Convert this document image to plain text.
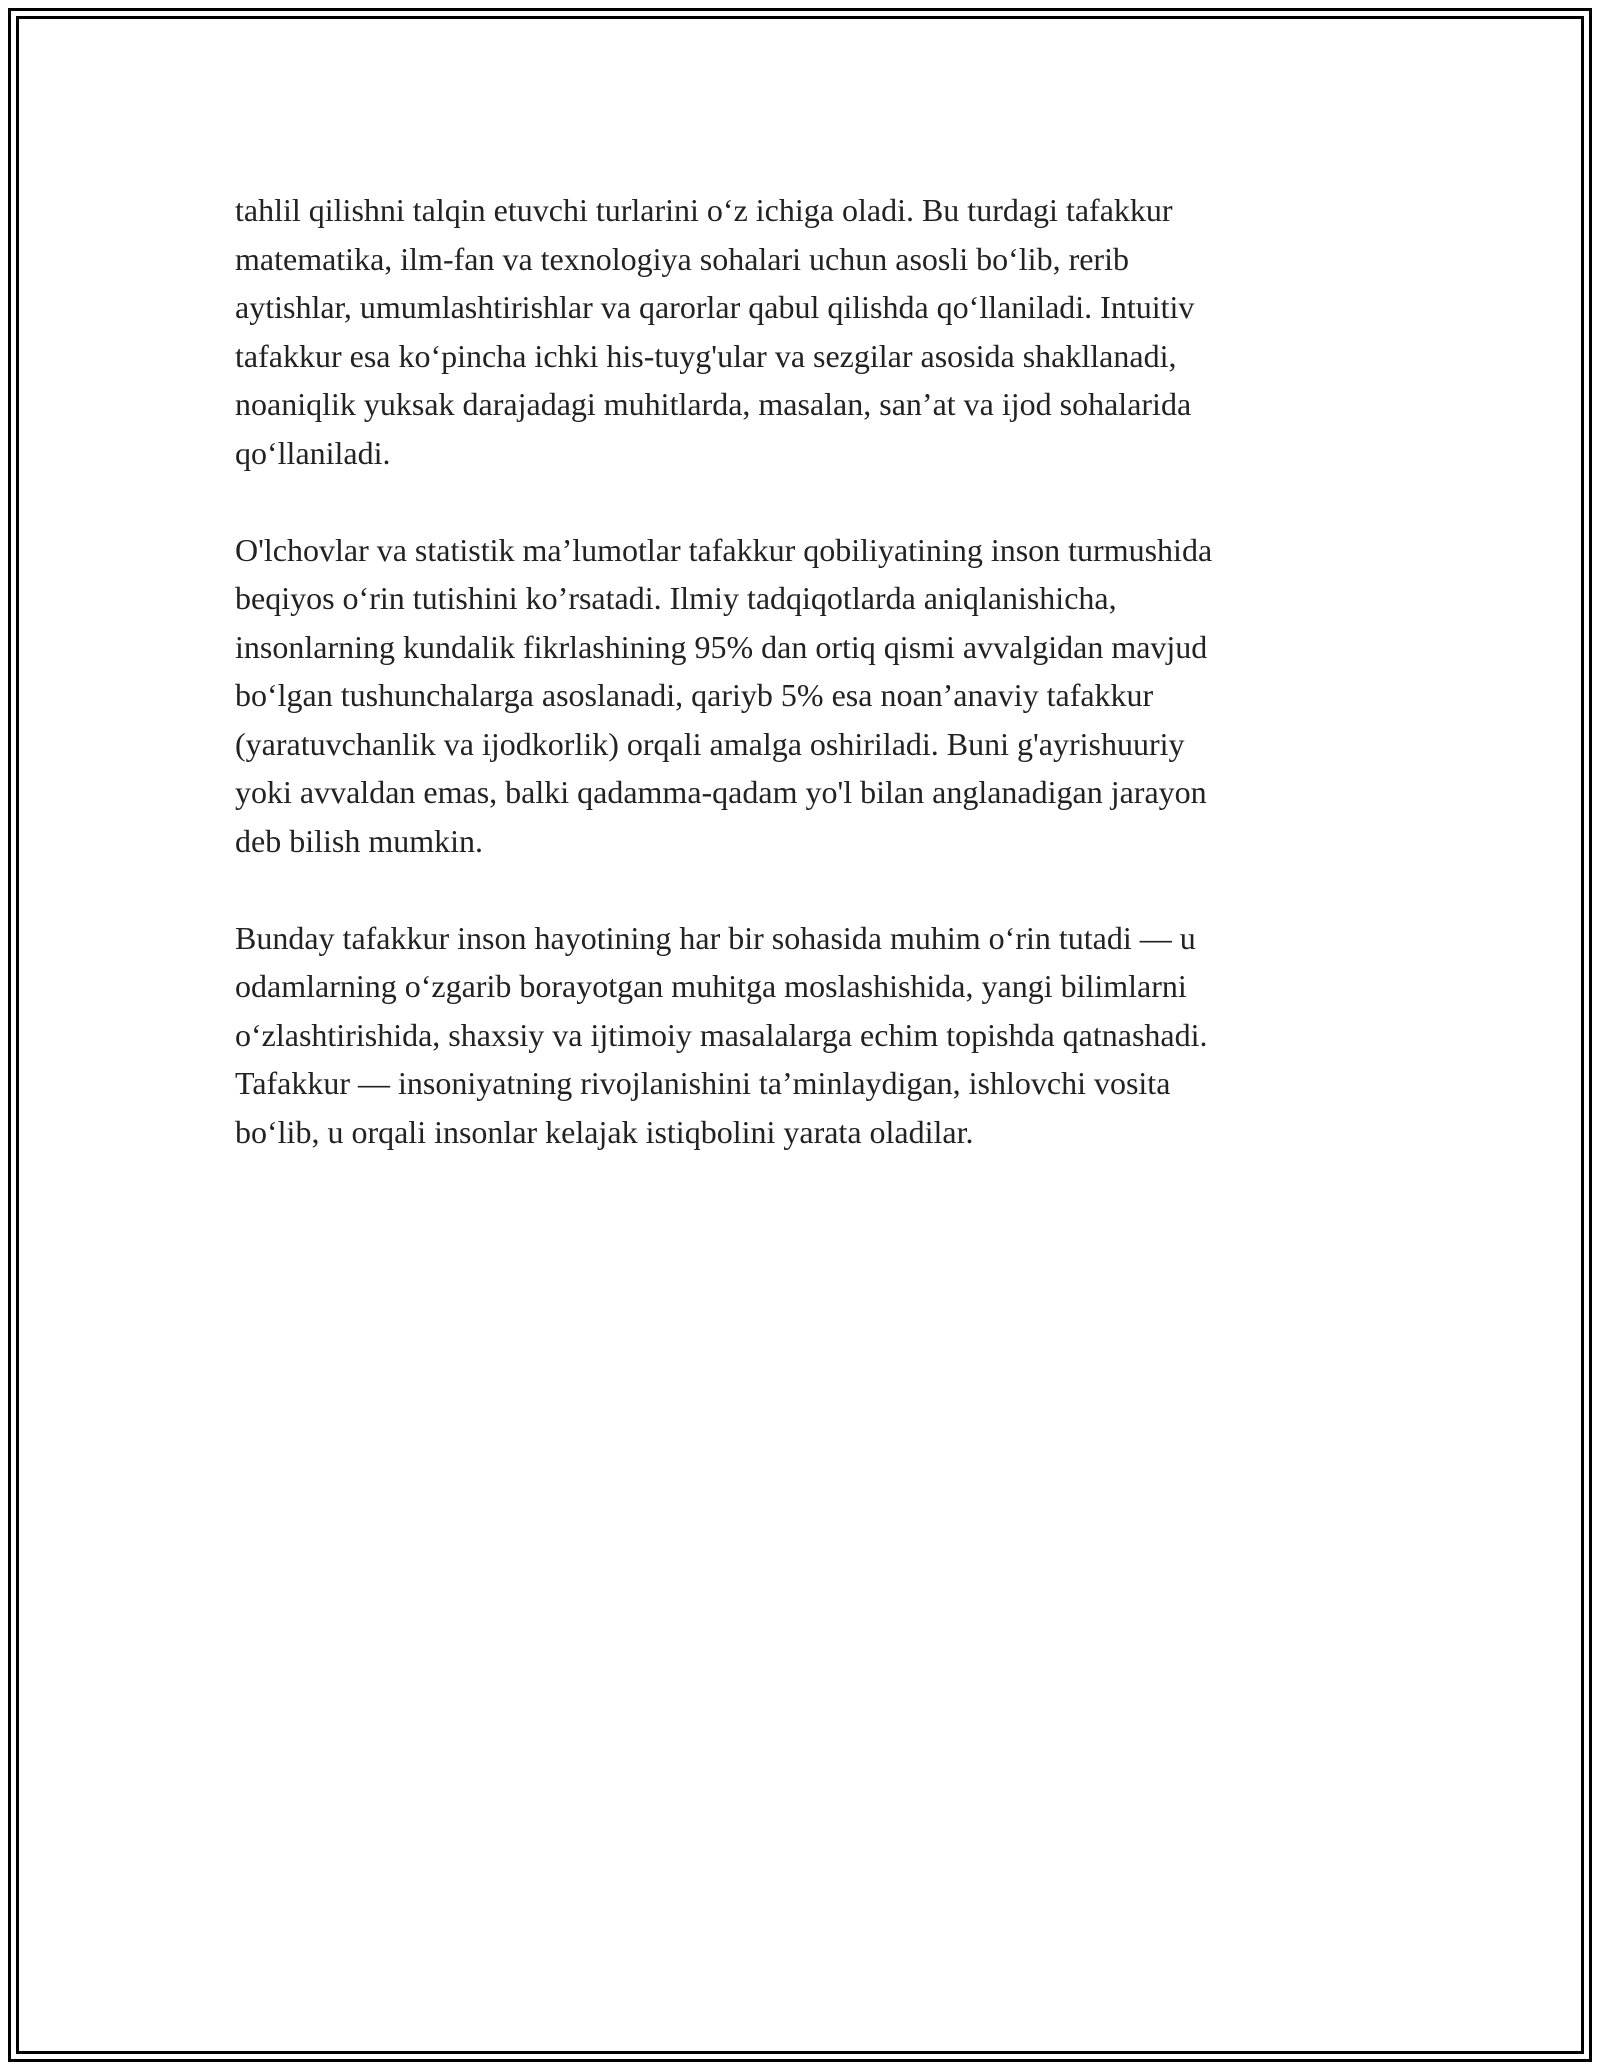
tahlil qilishni talqin etuvchi turlarini o‘z ichiga oladi. Bu turdagi tafakkur
matematika, ilm-fan va texnologiya sohalari uchun asosli bo‘lib, rerib
aytishlar, umumlashtirishlar va qarorlar qabul qilishda qo‘llaniladi. Intuitiv
tafakkur esa ko‘pincha ichki his-tuyg'ular va sezgilar asosida shakllanadi,
noaniqlik yuksak darajadagi muhitlarda, masalan, san’at va ijod sohalarida
qo‘llaniladi.

O'lchovlar va statistik ma’lumotlar tafakkur qobiliyatining inson turmushida
beqiyos o‘rin tutishini ko’rsatadi. Ilmiy tadqiqotlarda aniqlanishicha,
insonlarning kundalik fikrlashining 95% dan ortiq qismi avvalgidan mavjud
bo‘lgan tushunchalarga asoslanadi, qariyb 5% esa noan’anaviy tafakkur
(yaratuvchanlik va ijodkorlik) orqali amalga oshiriladi. Buni g'ayrishuuriy
yoki avvaldan emas, balki qadamma-qadam yo'l bilan anglanadigan jarayon
deb bilish mumkin.

Bunday tafakkur inson hayotining har bir sohasida muhim o‘rin tutadi — u
odamlarning o‘zgarib borayotgan muhitga moslashishida, yangi bilimlarni
o‘zlashtirishida, shaxsiy va ijtimoiy masalalarga echim topishda qatnashadi.
Tafakkur — insoniyatning rivojlanishini ta’minlaydigan, ishlovchi vosita
bo‘lib, u orqali insonlar kelajak istiqbolini yarata oladilar.
